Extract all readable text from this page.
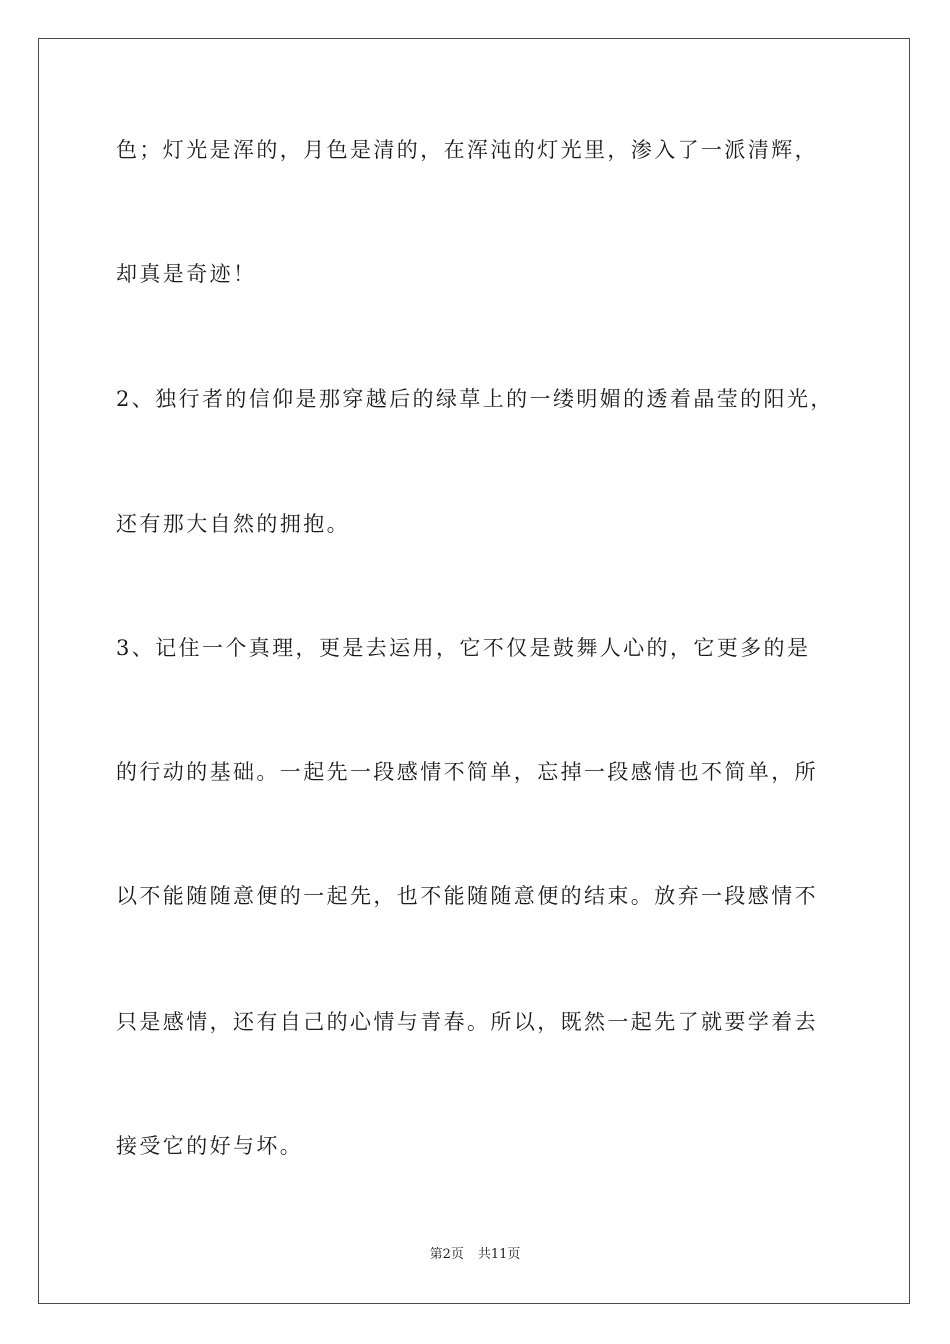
色；灯光是浑的，月色是清的，在浑沌的灯光里，渗入了一派清辉，
却真是奇迹！
2、独行者的信仰是那穿越后的绿草上的一缕明媚的透着晶莹的阳光，
还有那大自然的拥抱。
3、记住一个真理，更是去运用，它不仅是鼓舞人心的，它更多的是
的行动的基础。一起先一段感情不简单，忘掉一段感情也不简单，所
以不能随随意便的一起先，也不能随随意便的结束。放弃一段感情不
只是感情，还有自己的心情与青春。所以，既然一起先了就要学着去
接受它的好与坏。
第2页 共11页
